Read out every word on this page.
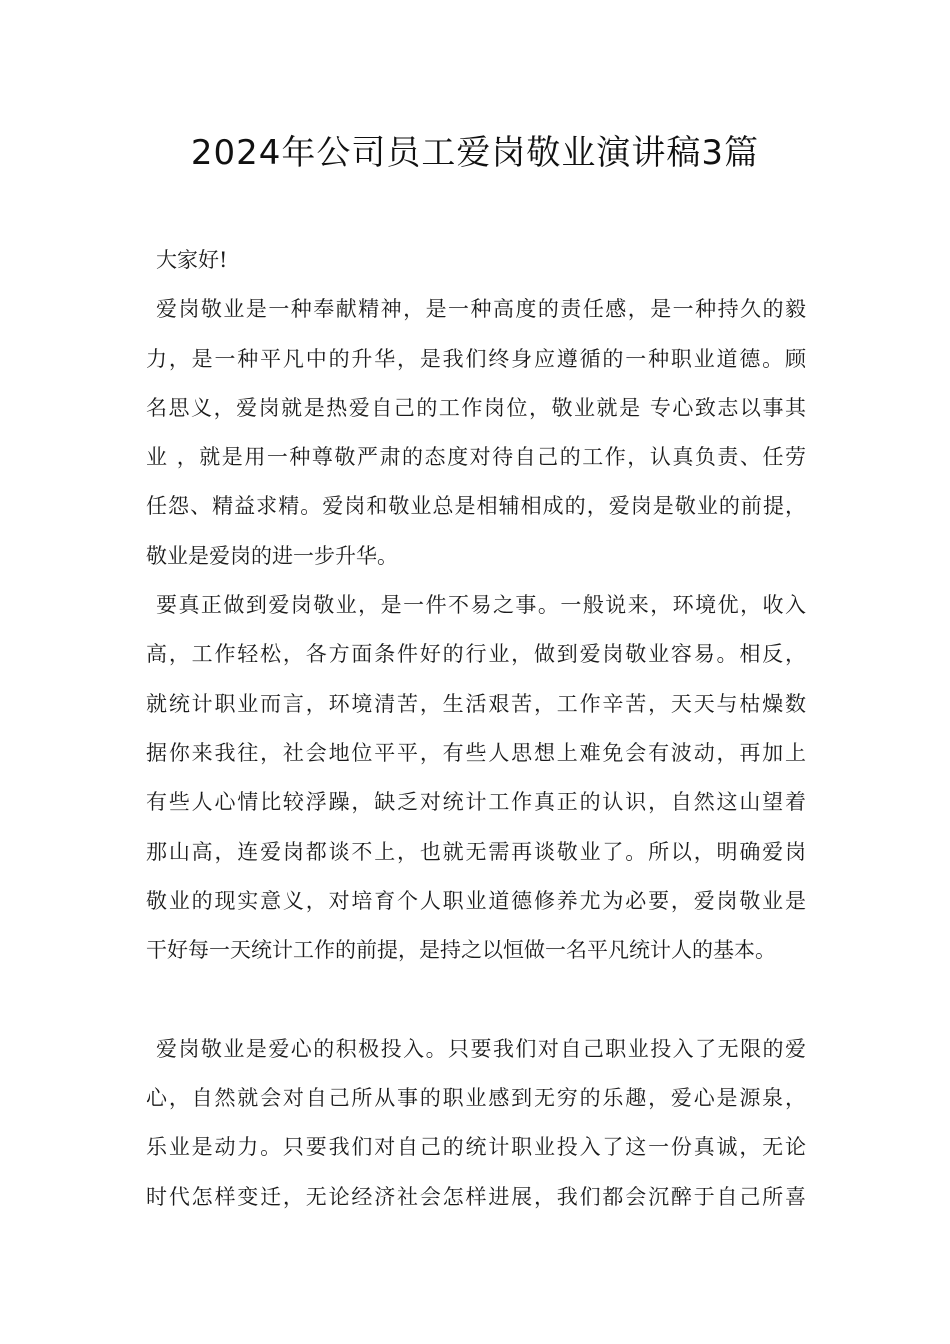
2024年公司员工爱岗敬业演讲稿3篇
大家好!
爱岗敬业是一种奉献精神，是一种高度的责任感，是一种持久的毅
力，是一种平凡中的升华，是我们终身应遵循的一种职业道德。顾
名思义，爱岗就是热爱自己的工作岗位，敬业就是 专心致志以事其
业 ，就是用一种尊敬严肃的态度对待自己的工作，认真负责、任劳
任怨、精益求精。爱岗和敬业总是相辅相成的，爱岗是敬业的前提，
敬业是爱岗的进一步升华。
要真正做到爱岗敬业，是一件不易之事。一般说来，环境优，收入
高，工作轻松，各方面条件好的行业，做到爱岗敬业容易。相反，
就统计职业而言，环境清苦，生活艰苦，工作辛苦，天天与枯燥数
据你来我往，社会地位平平，有些人思想上难免会有波动，再加上
有些人心情比较浮躁，缺乏对统计工作真正的认识，自然这山望着
那山高，连爱岗都谈不上，也就无需再谈敬业了。所以，明确爱岗
敬业的现实意义，对培育个人职业道德修养尤为必要，爱岗敬业是
干好每一天统计工作的前提，是持之以恒做一名平凡统计人的基本。
爱岗敬业是爱心的积极投入。只要我们对自己职业投入了无限的爱
心，自然就会对自己所从事的职业感到无穷的乐趣，爱心是源泉，
乐业是动力。只要我们对自己的统计职业投入了这一份真诚，无论
时代怎样变迁，无论经济社会怎样进展，我们都会沉醉于自己所喜
